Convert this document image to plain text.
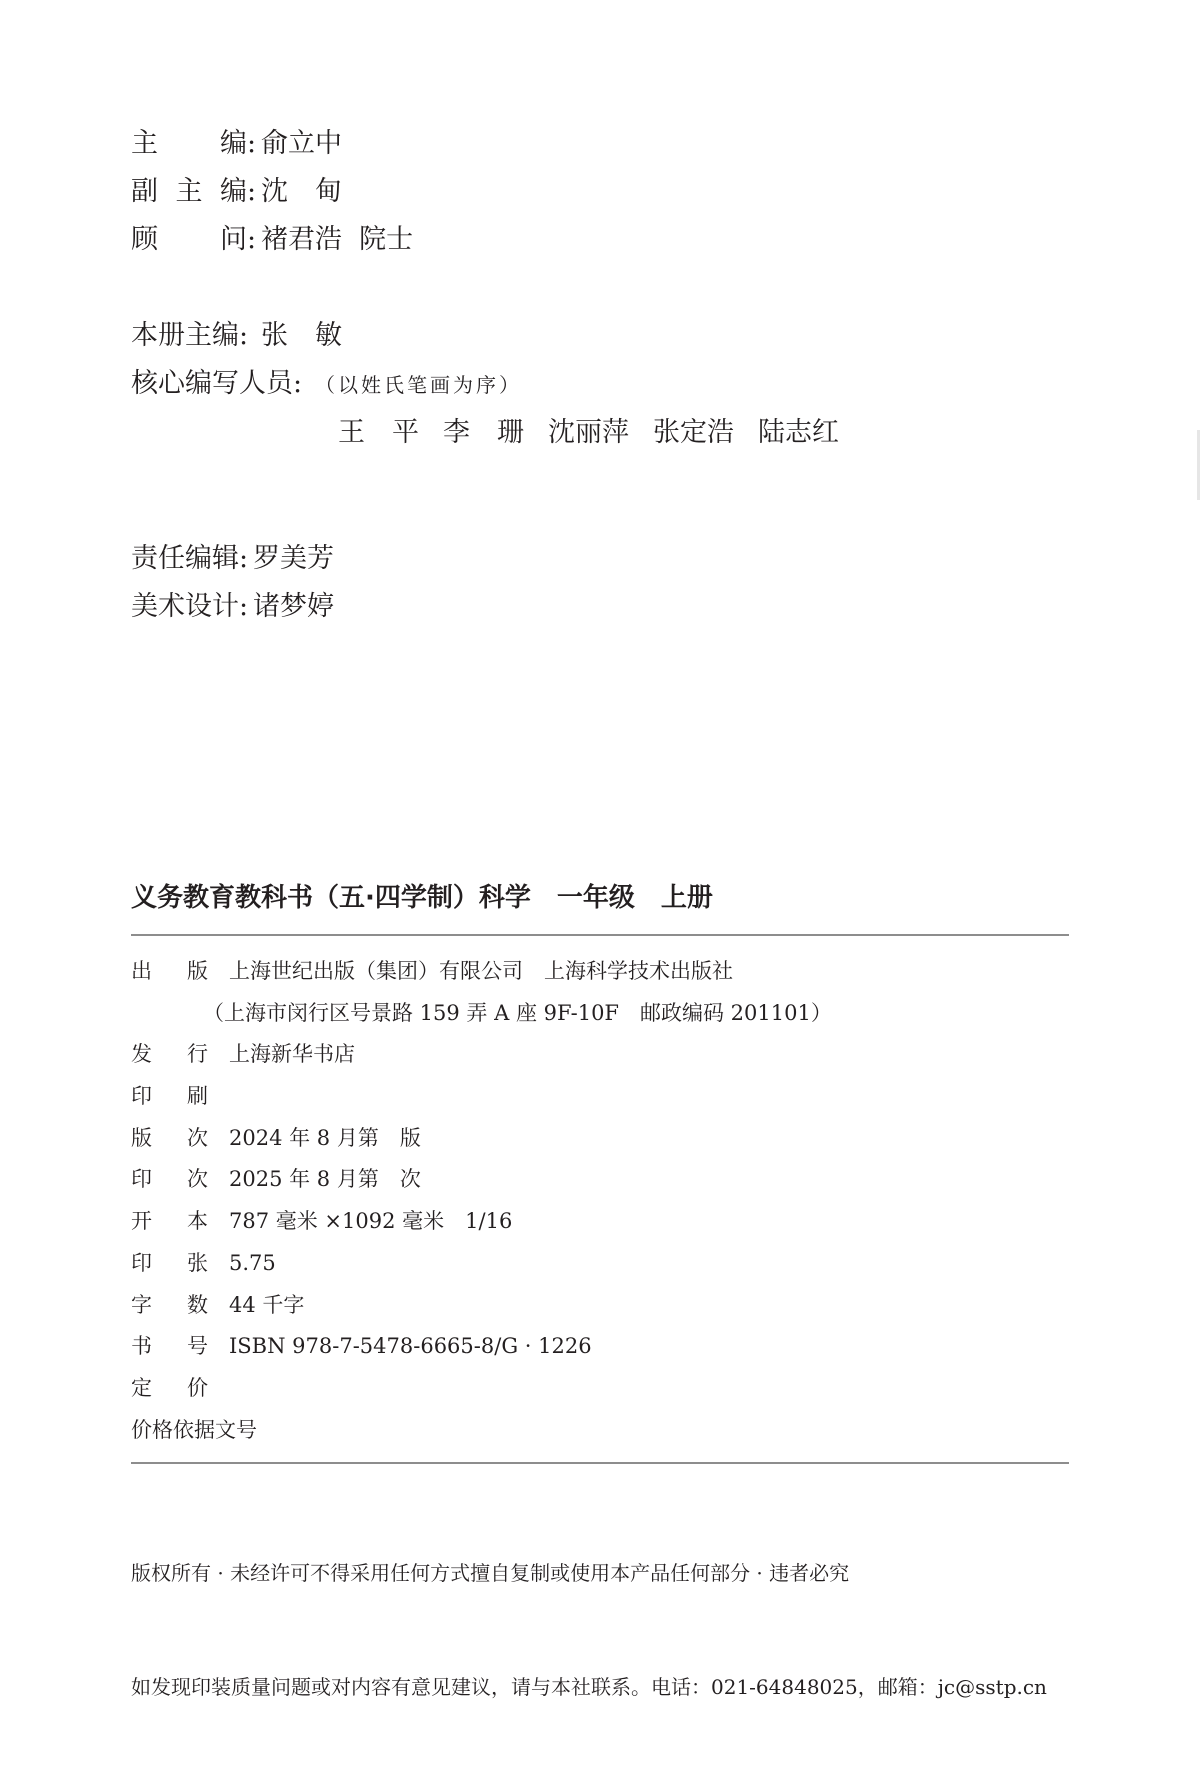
主 编 : 俞立中
副 主 编 : 沈　甸
顾 问 : 褚君浩  院士
本册主编 : 张　敏
核心编写人员 : （以姓氏笔画为序）
王　平 李　珊 沈丽萍 张定浩 陆志红
责任编辑 : 罗美芳
美术设计 : 诸梦婷
义务教育教科书（五·四学制）科学　一年级　上册
出	版 上海世纪出版（集团）有限公司　上海科学技术出版社
（上海市闵行区号景路 159 弄 A 座 9F-10F　邮政编码 201101）
发	行 上海新华书店
印	刷
版	次 2024 年 8 月第　版
印	次 2025 年 8 月第　次
开	本 787 毫米 ×1092 毫米　1/16
印	张 5.75
字	数 44 千字
书	号 ISBN 978-7-5478-6665-8/G · 1226
定	价
价格依据文号

版权所有 · 未经许可不得采用任何方式擅自复制或使用本产品任何部分 · 违者必究

如发现印装质量问题或对内容有意见建议，请与本社联系。电话：021-64848025，邮箱：jc@sstp.cn
